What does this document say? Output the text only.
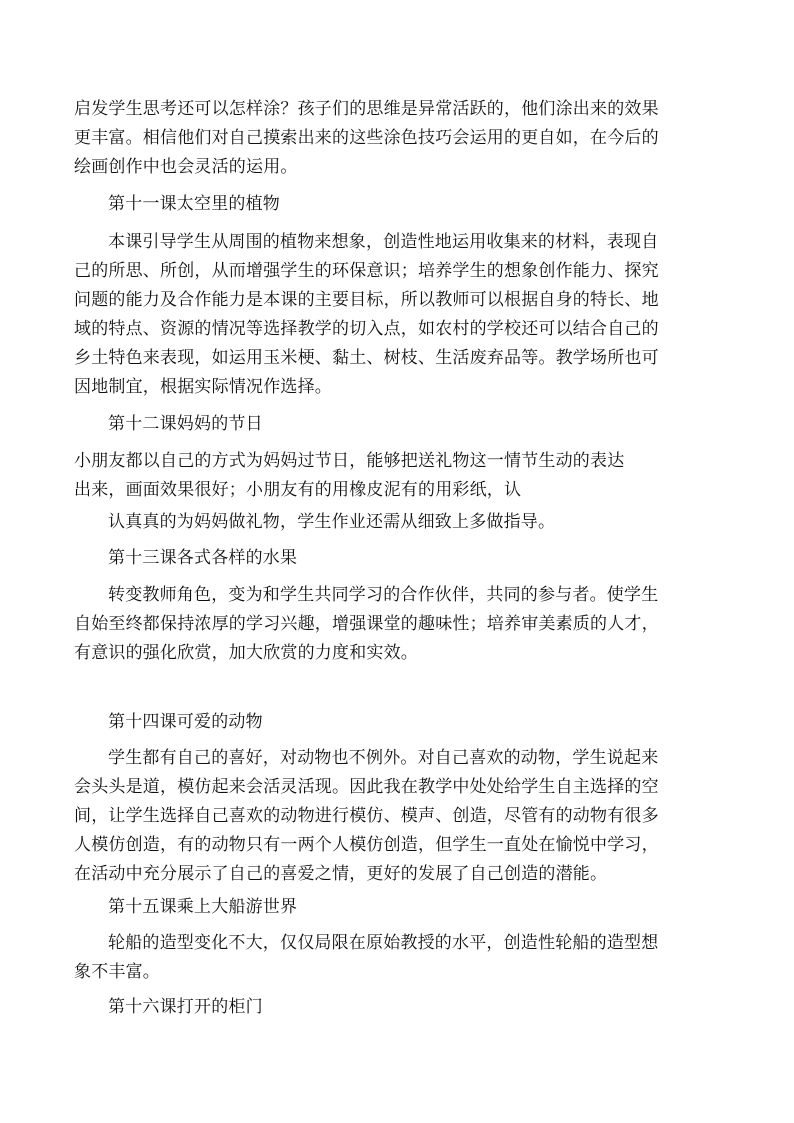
启发学生思考还可以怎样涂？孩子们的思维是异常活跃的，他们涂出来的效果
更丰富。相信他们对自己摸索出来的这些涂色技巧会运用的更自如，在今后的
绘画创作中也会灵活的运用。
第十一课太空里的植物
本课引导学生从周围的植物来想象，创造性地运用收集来的材料，表现自
己的所思、所创，从而增强学生的环保意识；培养学生的想象创作能力、探究
问题的能力及合作能力是本课的主要目标，所以教师可以根据自身的特长、地
域的特点、资源的情况等选择教学的切入点，如农村的学校还可以结合自己的
乡土特色来表现，如运用玉米梗、黏土、树枝、生活废弃品等。教学场所也可
因地制宜，根据实际情况作选择。
第十二课妈妈的节日
小朋友都以自己的方式为妈妈过节日，能够把送礼物这一情节生动的表达
出来，画面效果很好；小朋友有的用橡皮泥有的用彩纸，认
认真真的为妈妈做礼物，学生作业还需从细致上多做指导。
第十三课各式各样的水果
转变教师角色，变为和学生共同学习的合作伙伴，共同的参与者。使学生
自始至终都保持浓厚的学习兴趣，增强课堂的趣味性；培养审美素质的人才，
有意识的强化欣赏，加大欣赏的力度和实效。
第十四课可爱的动物
学生都有自己的喜好，对动物也不例外。对自己喜欢的动物，学生说起来
会头头是道，模仿起来会活灵活现。因此我在教学中处处给学生自主选择的空
间，让学生选择自己喜欢的动物进行模仿、模声、创造，尽管有的动物有很多
人模仿创造，有的动物只有一两个人模仿创造，但学生一直处在愉悦中学习，
在活动中充分展示了自己的喜爱之情，更好的发展了自己创造的潜能。
第十五课乘上大船游世界
轮船的造型变化不大，仅仅局限在原始教授的水平，创造性轮船的造型想
象不丰富。
第十六课打开的柜门
